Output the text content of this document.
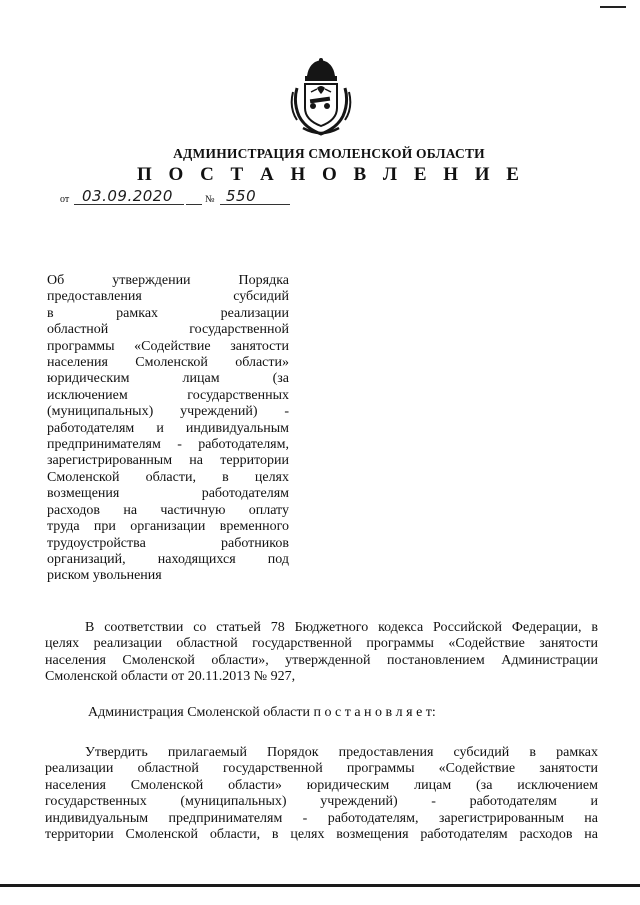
АДМИНИСТРАЦИЯ СМОЛЕНСКОЙ ОБЛАСТИ
П О С Т А Н О В Л Е Н И Е
от 03.09.2020	№ 550
Об утверждении Порядка
предоставления субсидий
в рамках реализации
областной государственной
программы «Содействие занятости
населения Смоленской области»
юридическим лицам (за
исключением государственных
(муниципальных) учреждений) -
работодателям и индивидуальным
предпринимателям - работодателям,
зарегистрированным на территории
Смоленской области, в целях
возмещения работодателям
расходов на частичную оплату
труда при организации временного
трудоустройства работников
организаций, находящихся под
риском увольнения
В соответствии со статьей 78 Бюджетного кодекса Российской Федерации, в
целях реализации областной государственной программы «Содействие занятости
населения Смоленской области», утвержденной постановлением Администрации
Смоленской области от 20.11.2013 № 927,
Администрация Смоленской области п о с т а н о в л я е т:
Утвердить прилагаемый Порядок предоставления субсидий в рамках
реализации областной государственной программы «Содействие занятости
населения Смоленской области» юридическим лицам (за исключением
государственных (муниципальных) учреждений) - работодателям и
индивидуальным предпринимателям - работодателям, зарегистрированным на
территории Смоленской области, в целях возмещения работодателям расходов на
